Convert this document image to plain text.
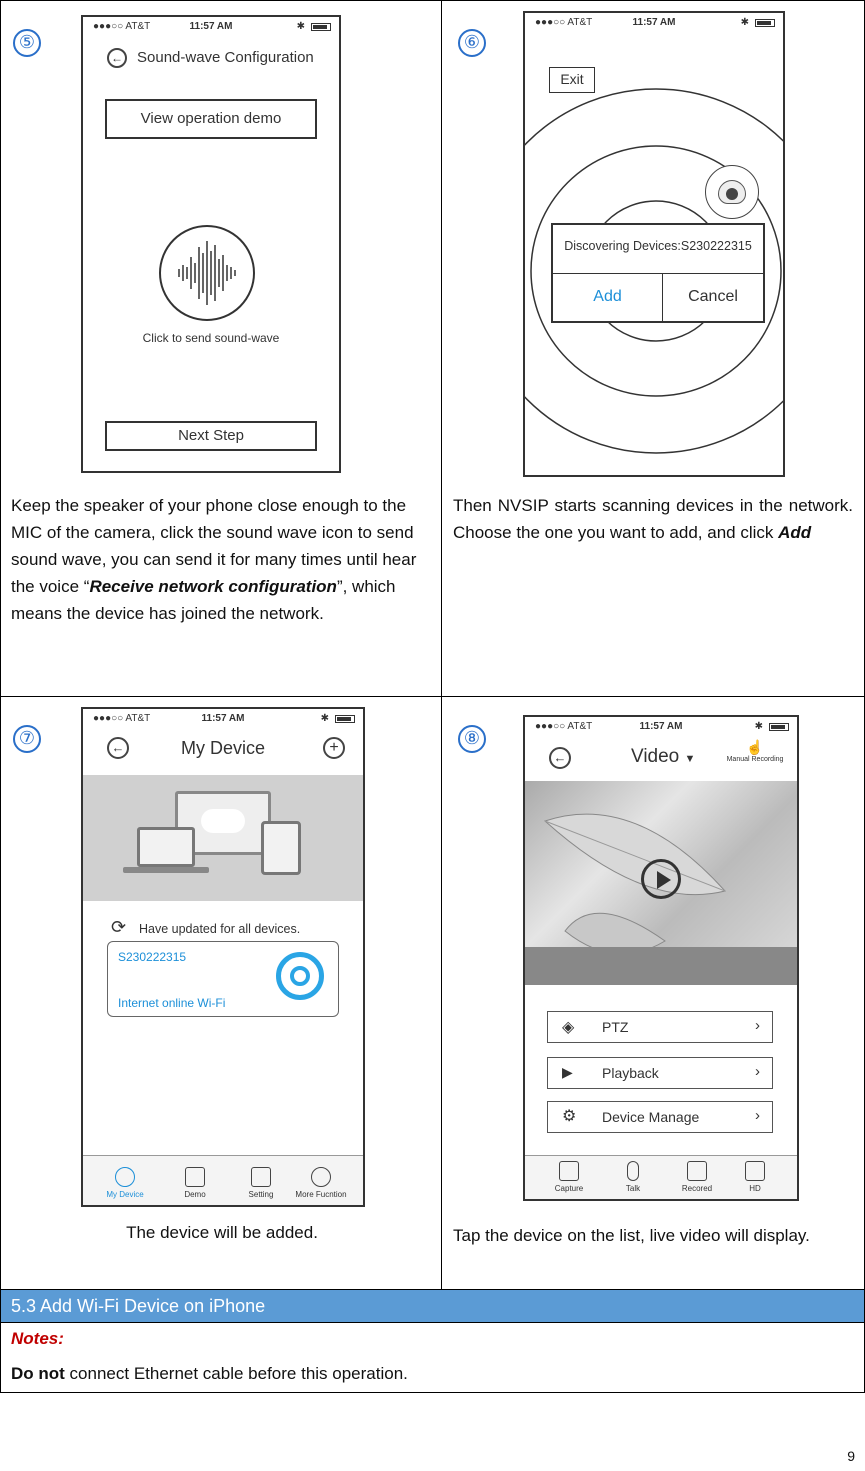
⑤
●●●○○ AT&T	11:57 AM	✱
← Sound-wave Configuration
View operation demo
Click to send sound-wave
Next Step
Keep the speaker of your phone close enough to the MIC of the camera, click the sound wave icon to send sound wave, you can send it for many times until hear the voice “Receive network configuration”, which means the device has joined the network.
⑥
●●●○○ AT&T	11:57 AM	✱
Exit
Discovering Devices:S230222315
Add	Cancel
Then NVSIP starts scanning devices in the network. Choose the one you want to add, and click Add
⑦
●●●○○ AT&T	11:57 AM	✱
←	My Device	+
⟳ Have updated for all devices.
S230222315
Internet online Wi-Fi
My Device	Demo	Setting	More Fucntion
The device will be added.
⑧
●●●○○ AT&T	11:57 AM	✱
←	Video ▼
☝
Manual Recording
◈ PTZ	›
▶ Playback	›
⚙ Device Manage	›
Capture	Talk	Recored	HD
Tap the device on the list, live video will display.
5.3 Add Wi-Fi Device on iPhone
Notes:
Do not connect Ethernet cable before this operation.
9
